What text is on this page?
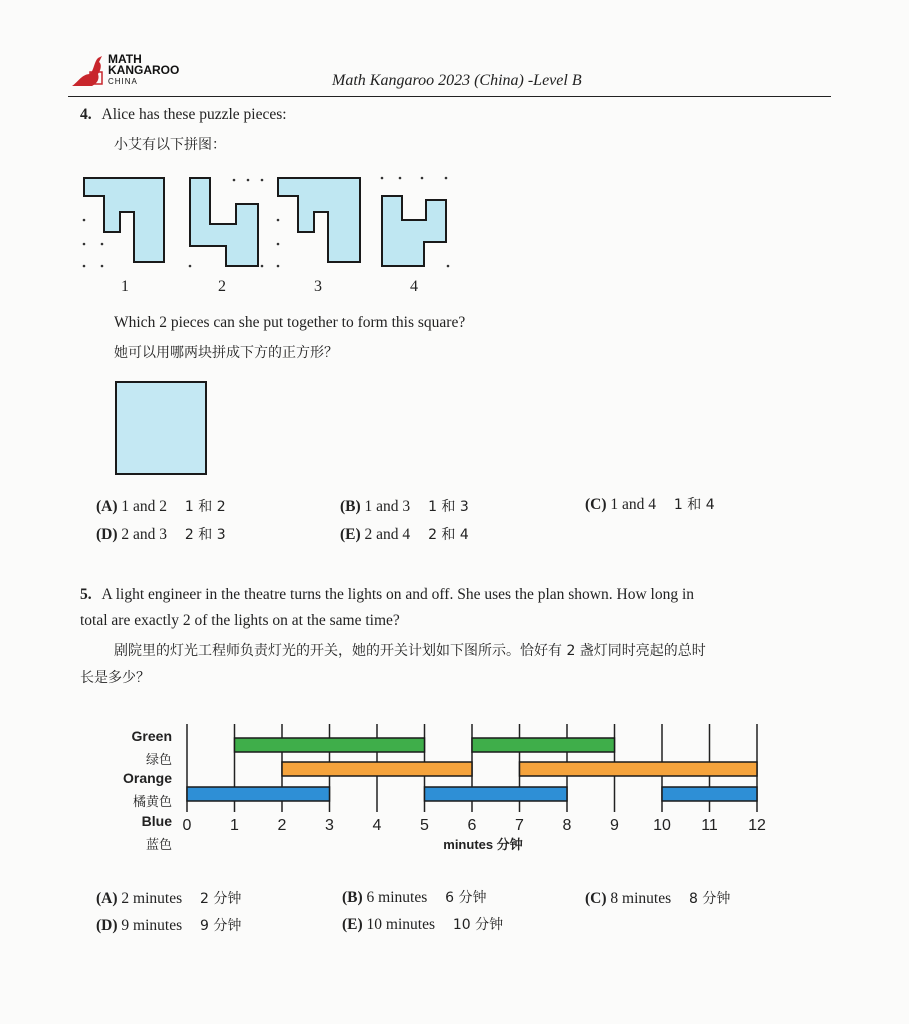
MATH
KANGAROO
CHINA	Math Kangaroo 2023 (China) -Level B
4. Alice has these puzzle pieces:
小艾有以下拼图：
1	2	3	4
Which 2 pieces can she put together to form this square?
她可以用哪两块拼成下方的正方形？
(A) 1 and 2 1 和 2	(B) 1 and 3 1 和 3	(C) 1 and 4 1 和 4
(D) 2 and 3 2 和 3	(E) 2 and 4 2 和 4
5. A light engineer in the theatre turns the lights on and off. She uses the plan shown. How long in
total are exactly 2 of the lights on at the same time?
剧院里的灯光工程师负责灯光的开关，她的开关计划如下图所示。恰好有 2 盏灯同时亮起的总时
长是多少？
Green
绿色
Orange
橘黄色
Blue
蓝色
0 1 2 3 4 5 6 7 8 9 10 11 12
minutes 分钟
(A) 2 minutes 2 分钟	(B) 6 minutes 6 分钟	(C) 8 minutes 8 分钟
(D) 9 minutes 9 分钟	(E) 10 minutes 10 分钟
